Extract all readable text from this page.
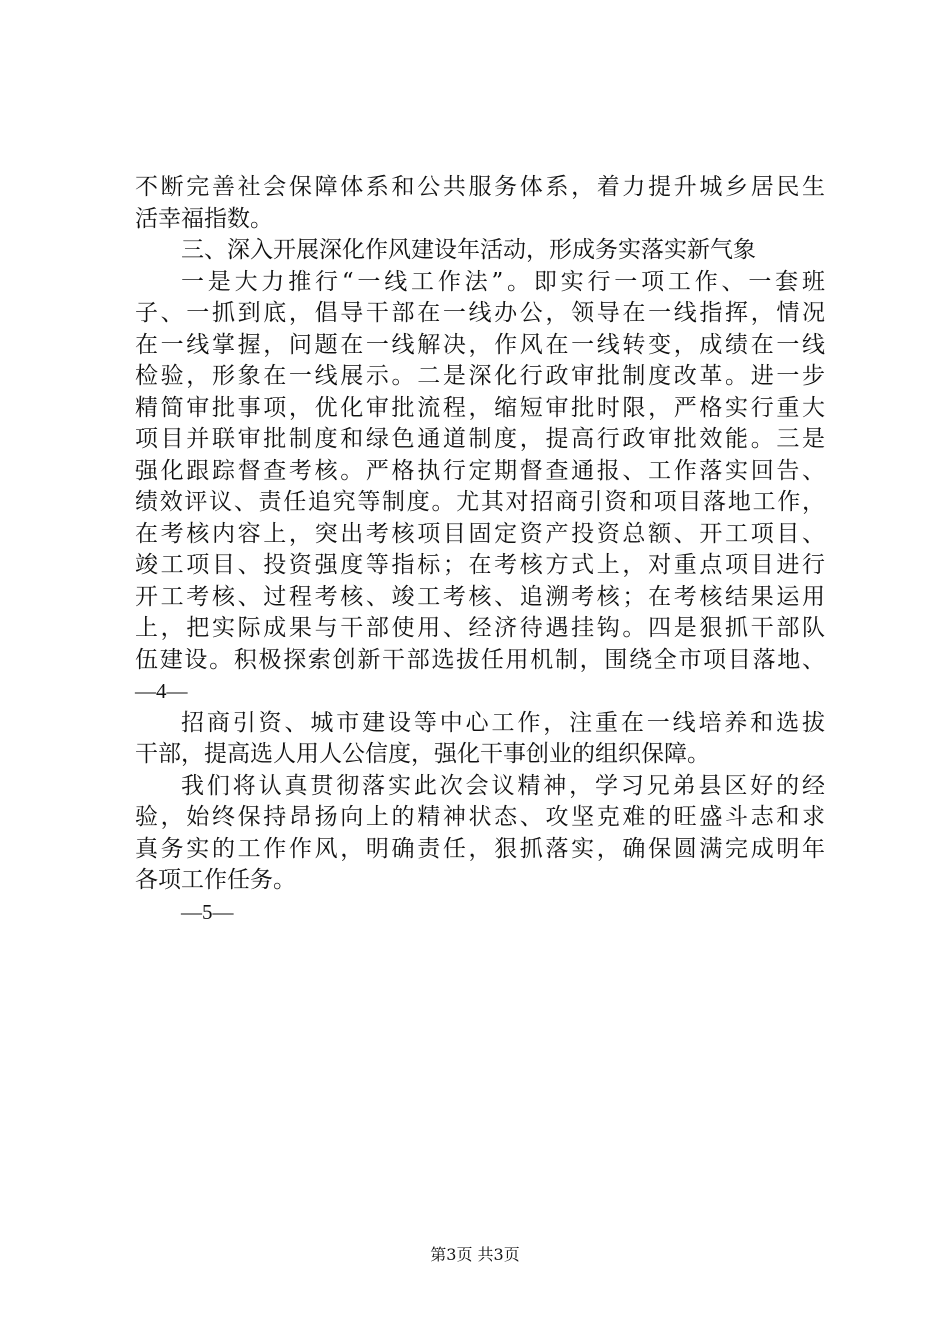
不断完善社会保障体系和公共服务体系，着力提升城乡居民生
活幸福指数。
三、深入开展深化作风建设年活动，形成务实落实新气象
一是大力推行“一线工作法”。即实行一项工作、一套班
子、一抓到底，倡导干部在一线办公，领导在一线指挥，情况
在一线掌握，问题在一线解决，作风在一线转变，成绩在一线
检验，形象在一线展示。二是深化行政审批制度改革。进一步
精简审批事项，优化审批流程，缩短审批时限，严格实行重大
项目并联审批制度和绿色通道制度，提高行政审批效能。三是
强化跟踪督查考核。严格执行定期督查通报、工作落实回告、
绩效评议、责任追究等制度。尤其对招商引资和项目落地工作，
在考核内容上，突出考核项目固定资产投资总额、开工项目、
竣工项目、投资强度等指标；在考核方式上，对重点项目进行
开工考核、过程考核、竣工考核、追溯考核；在考核结果运用
上，把实际成果与干部使用、经济待遇挂钩。四是狠抓干部队
伍建设。积极探索创新干部选拔任用机制，围绕全市项目落地、
—4—
招商引资、城市建设等中心工作，注重在一线培养和选拔
干部，提高选人用人公信度，强化干事创业的组织保障。
我们将认真贯彻落实此次会议精神，学习兄弟县区好的经
验，始终保持昂扬向上的精神状态、攻坚克难的旺盛斗志和求
真务实的工作作风，明确责任，狠抓落实，确保圆满完成明年
各项工作任务。
—5—
第3页 共3页
